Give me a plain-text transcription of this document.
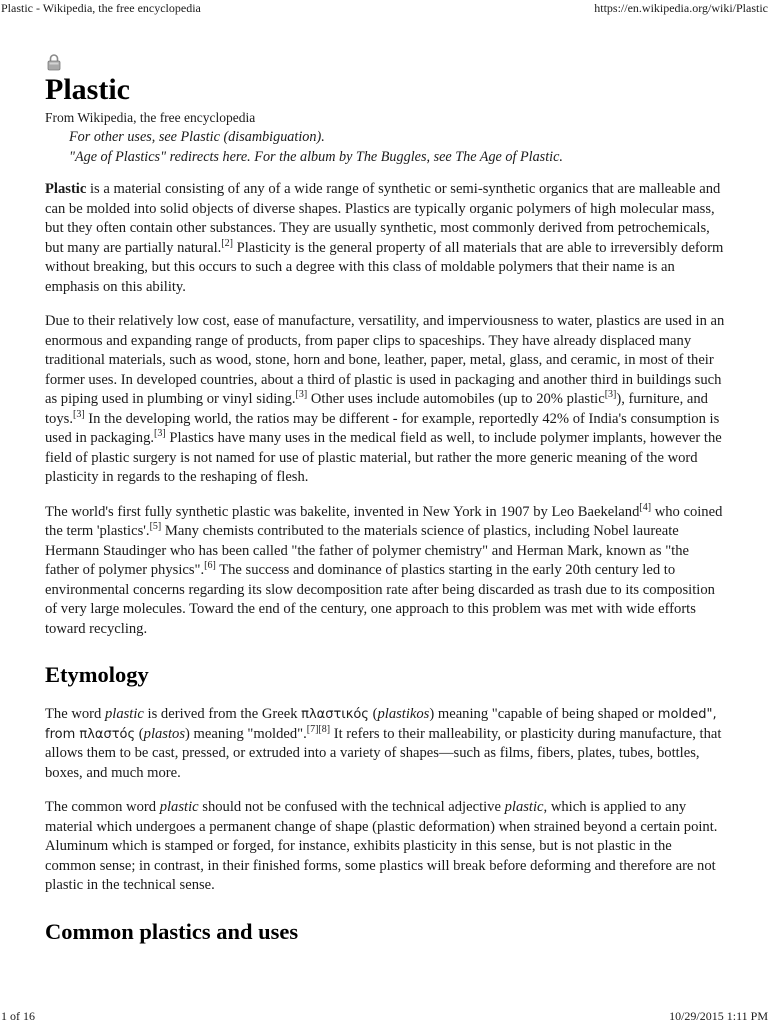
Plastic - Wikipedia, the free encyclopedia	https://en.wikipedia.org/wiki/Plastic
Plastic
From Wikipedia, the free encyclopedia
For other uses, see Plastic (disambiguation).
"Age of Plastics" redirects here. For the album by The Buggles, see The Age of Plastic.

Plastic is a material consisting of any of a wide range of synthetic or semi-synthetic organics that are malleable and can be molded into solid objects of diverse shapes. Plastics are typically organic polymers of high molecular mass, but they often contain other substances. They are usually synthetic, most commonly derived from petrochemicals, but many are partially natural.[2] Plasticity is the general property of all materials that are able to irreversibly deform without breaking, but this occurs to such a degree with this class of moldable polymers that their name is an emphasis on this ability.

Due to their relatively low cost, ease of manufacture, versatility, and imperviousness to water, plastics are used in an enormous and expanding range of products, from paper clips to spaceships. They have already displaced many traditional materials, such as wood, stone, horn and bone, leather, paper, metal, glass, and ceramic, in most of their former uses. In developed countries, about a third of plastic is used in packaging and another third in buildings such as piping used in plumbing or vinyl siding.[3] Other uses include automobiles (up to 20% plastic[3]), furniture, and toys.[3] In the developing world, the ratios may be different - for example, reportedly 42% of India's consumption is used in packaging.[3] Plastics have many uses in the medical field as well, to include polymer implants, however the field of plastic surgery is not named for use of plastic material, but rather the more generic meaning of the word plasticity in regards to the reshaping of flesh.

The world's first fully synthetic plastic was bakelite, invented in New York in 1907 by Leo Baekeland[4] who coined the term 'plastics'.[5] Many chemists contributed to the materials science of plastics, including Nobel laureate Hermann Staudinger who has been called "the father of polymer chemistry" and Herman Mark, known as "the father of polymer physics".[6] The success and dominance of plastics starting in the early 20th century led to environmental concerns regarding its slow decomposition rate after being discarded as trash due to its composition of very large molecules. Toward the end of the century, one approach to this problem was met with wide efforts toward recycling.

Etymology

The word plastic is derived from the Greek πλαστικός (plastikos) meaning "capable of being shaped or molded", from πλαστός (plastos) meaning "molded".[7][8] It refers to their malleability, or plasticity during manufacture, that allows them to be cast, pressed, or extruded into a variety of shapes—such as films, fibers, plates, tubes, bottles, boxes, and much more.

The common word plastic should not be confused with the technical adjective plastic, which is applied to any material which undergoes a permanent change of shape (plastic deformation) when strained beyond a certain point. Aluminum which is stamped or forged, for instance, exhibits plasticity in this sense, but is not plastic in the common sense; in contrast, in their finished forms, some plastics will break before deforming and therefore are not plastic in the technical sense.

Common plastics and uses
1 of 16	10/29/2015 1:11 PM
